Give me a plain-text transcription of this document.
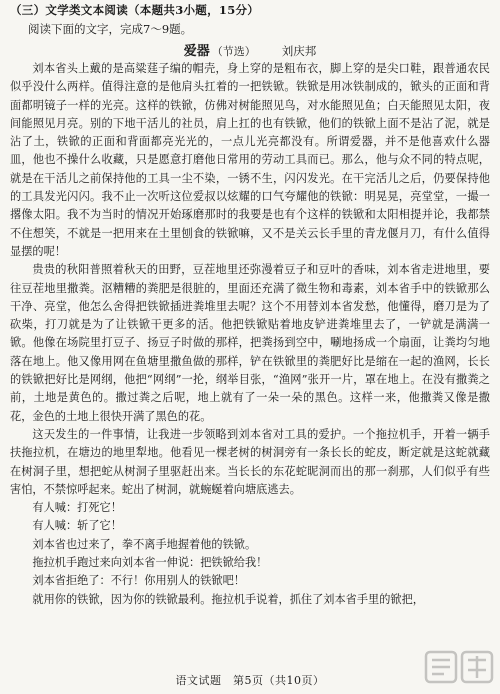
（三）文学类文本阅读（本题共3小题，15分）
阅读下面的文字，完成7～9题。
爱器 （节选） 刘庆邦

刘本省头上戴的是高粱莛子编的帽壳，身上穿的是粗布衣，脚上穿的是尖口鞋，跟普通农民似乎没什么两样。值得注意的是他肩头扛着的一把铁锨。铁锨是用冰铁制成的，锨头的正面和背面都明镜子一样的光亮。这样的铁锨，仿佛对树能照见鸟，对水能照见鱼；白天能照见太阳，夜间能照见月亮。别的下地干活儿的社员，肩上扛的也有铁锨，他们的铁锨上面不是沾了泥，就是沾了土，铁锨的正面和背面都亮光光的，一点儿光亮都没有。所谓爱器，并不是他喜欢什么器皿，他也不操什么收藏，只是愿意打磨他日常用的劳动工具而已。那么，他与众不同的特点呢，就是在干活儿之前保持他的工具一尘不染，一锈不生，闪闪发光。在干完活儿之后，仍要保持他的工具发光闪闪。我不止一次听这位爱叔以炫耀的口气夸耀他的铁锨：明晃晃，亮堂堂，一撮一撂像太阳。我不为当时的情况开始琢磨那时的我要是也有个这样的铁锨和太阳相提并论，我都禁不住想笑，不就是一把用来在土里刨食的铁锨嘛，又不是关云长手里的青龙偃月刀，有什么值得显摆的呢！

贵贵的秋阳普照着秋天的田野，豆茬地里还弥漫着豆子和豆叶的香味，刘本省走进地里，要往豆茬地里撒粪。沤糟糟的粪肥是很脏的，里面还充满了微生物和毒素，刘本省手中的铁锨那么干净、亮堂，他怎么舍得把铁锨插进粪堆里去呢？这个不用替刘本省发愁，他懂得，磨刀是为了砍柴，打刀就是为了让铁锨干更多的活。他把铁锨贴着地皮铲进粪堆里去了，一铲就是满满一锨。他像在场院里打豆子、扬豆子时做的那样，把粪扬到空中，唰地扬成一个扇面，让粪均匀地落在地上。他又像用网在鱼塘里撒鱼做的那样，铲在铁锨里的粪肥好比是缩在一起的渔网，长长的铁锨把好比是网纲，他把“网纲”一抡，纲举目张，“渔网”张开一片，罩在地上。在没有撒粪之前，土地是黄色的。撒过粪之后呢，地上就有了一朵一朵的黑色。这样一来，他撒粪又像是撒花，金色的土地上很快开满了黑色的花。

这天发生的一件事情，让我进一步领略到刘本省对工具的爱护。一个拖拉机手，开着一辆手扶拖拉机，在塘边的地里犁地。他看见一棵老树的树洞旁有一条长长的蛇皮，断定就是这蛇就藏在树洞子里，想把蛇从树洞子里驱赶出来。当长长的东花蛇昵洞而出的那一刹那，人们似乎有些害怕，不禁惊呼起来。蛇出了树洞，就蜿蜒着向塘底逃去。

有人喊：打死它！

有人喊：斩了它！

刘本省也过来了，拳不离手地握着他的铁锨。

拖拉机手跑过来向刘本省一伸说：把铁锨给我！

刘本省拒绝了：不行！你用别人的铁锨吧！

就用你的铁锨，因为你的铁锨最利。拖拉机手说着，抓住了刘本省手里的锨把，

语文试题　第5页（共10页）
